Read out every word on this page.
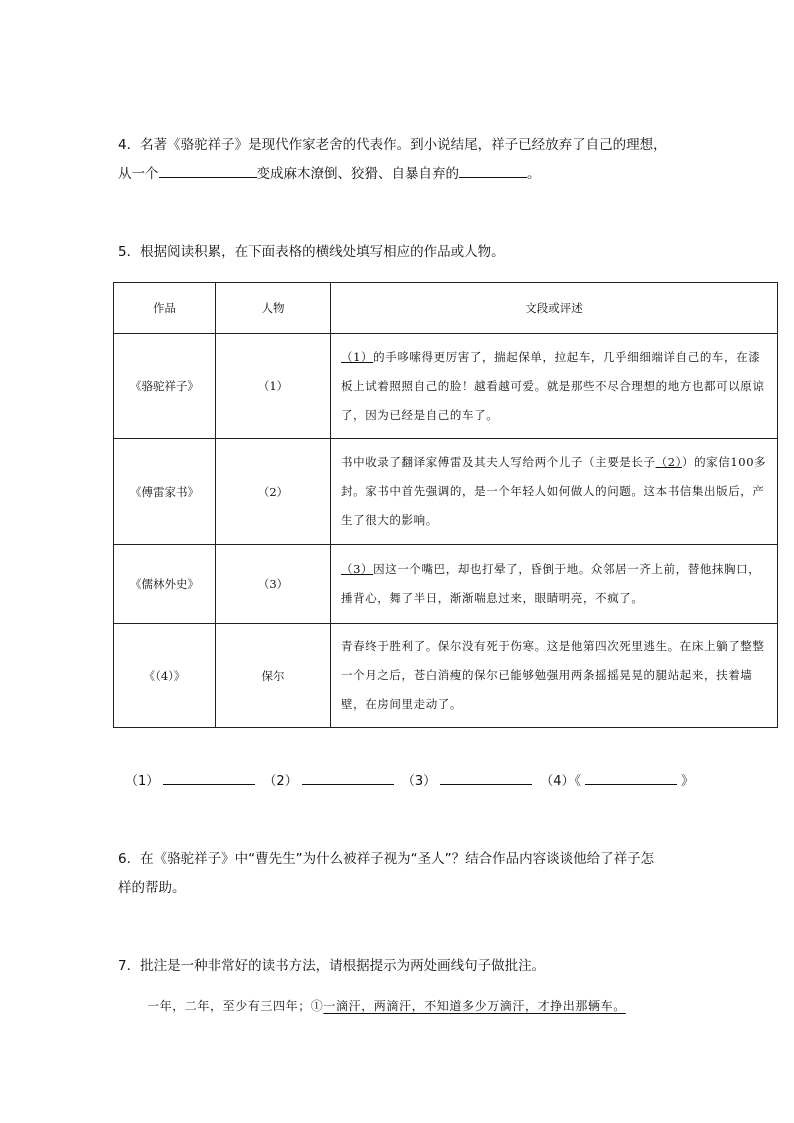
4．名著《骆驼祥子》是现代作家老舍的代表作。到小说结尾，祥子已经放弃了自己的理想，
从一个	变成麻木潦倒、狡猾、自暴自弃的	。
5．根据阅读积累，在下面表格的横线处填写相应的作品或人物。
作品	人物	文段或评述
《骆驼祥子》	（1）	（1）的手哆嗦得更厉害了，揣起保单，拉起车，几乎细细端详自己的车，在漆板上试着照照自己的脸！越看越可爱。就是那些不尽合理想的地方也都可以原谅了，因为已经是自己的车了。
《傅雷家书》	（2）	书中收录了翻译家傅雷及其夫人写给两个儿子（主要是长子（2））的家信100多封。家书中首先强调的，是一个年轻人如何做人的问题。这本书信集出版后，产生了很大的影响。
《儒林外史》	（3）	（3）因这一个嘴巴，却也打晕了，昏倒于地。众邻居一齐上前，替他抹胸口，捶背心，舞了半日，渐渐喘息过来，眼睛明亮，不疯了。
《（4）》	保尔	青春终于胜利了。保尔没有死于伤寒。这是他第四次死里逃生。在床上躺了整整一个月之后，苍白消瘦的保尔已能够勉强用两条摇摇晃晃的腿站起来，扶着墙壁，在房间里走动了。
（1）	（2）	（3）	（4）《	》
6．在《骆驼祥子》中“曹先生”为什么被祥子视为“圣人”？结合作品内容谈谈他给了祥子怎
样的帮助。
7．批注是一种非常好的读书方法，请根据提示为两处画线句子做批注。
一年，二年，至少有三四年；①一滴汗，两滴汗，不知道多少万滴汗，才挣出那辆车。
